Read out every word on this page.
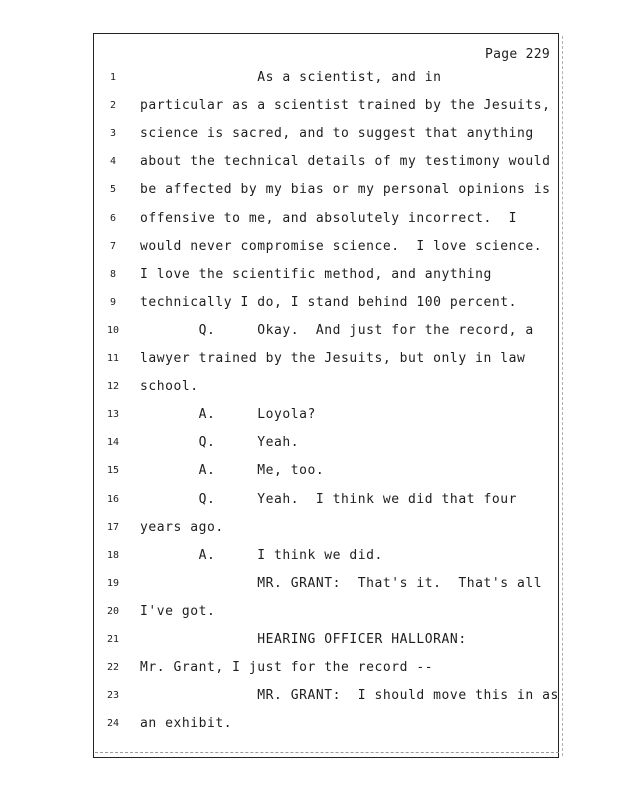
Page 229
1	As a scientist, and in
2	particular as a scientist trained by the Jesuits,
3	science is sacred, and to suggest that anything
4	about the technical details of my testimony would
5	be affected by my bias or my personal opinions is
6	offensive to me, and absolutely incorrect.  I
7	would never compromise science.  I love science.
8	I love the scientific method, and anything
9	technically I do, I stand behind 100 percent.
10	Q.     Okay.  And just for the record, a
11	lawyer trained by the Jesuits, but only in law
12	school.
13	A.     Loyola?
14	Q.     Yeah.
15	A.     Me, too.
16	Q.     Yeah.  I think we did that four
17	years ago.
18	A.     I think we did.
19	MR. GRANT:  That's it.  That's all
20	I've got.
21	HEARING OFFICER HALLORAN:
22	Mr. Grant, I just for the record --
23	MR. GRANT:  I should move this in as
24	an exhibit.
